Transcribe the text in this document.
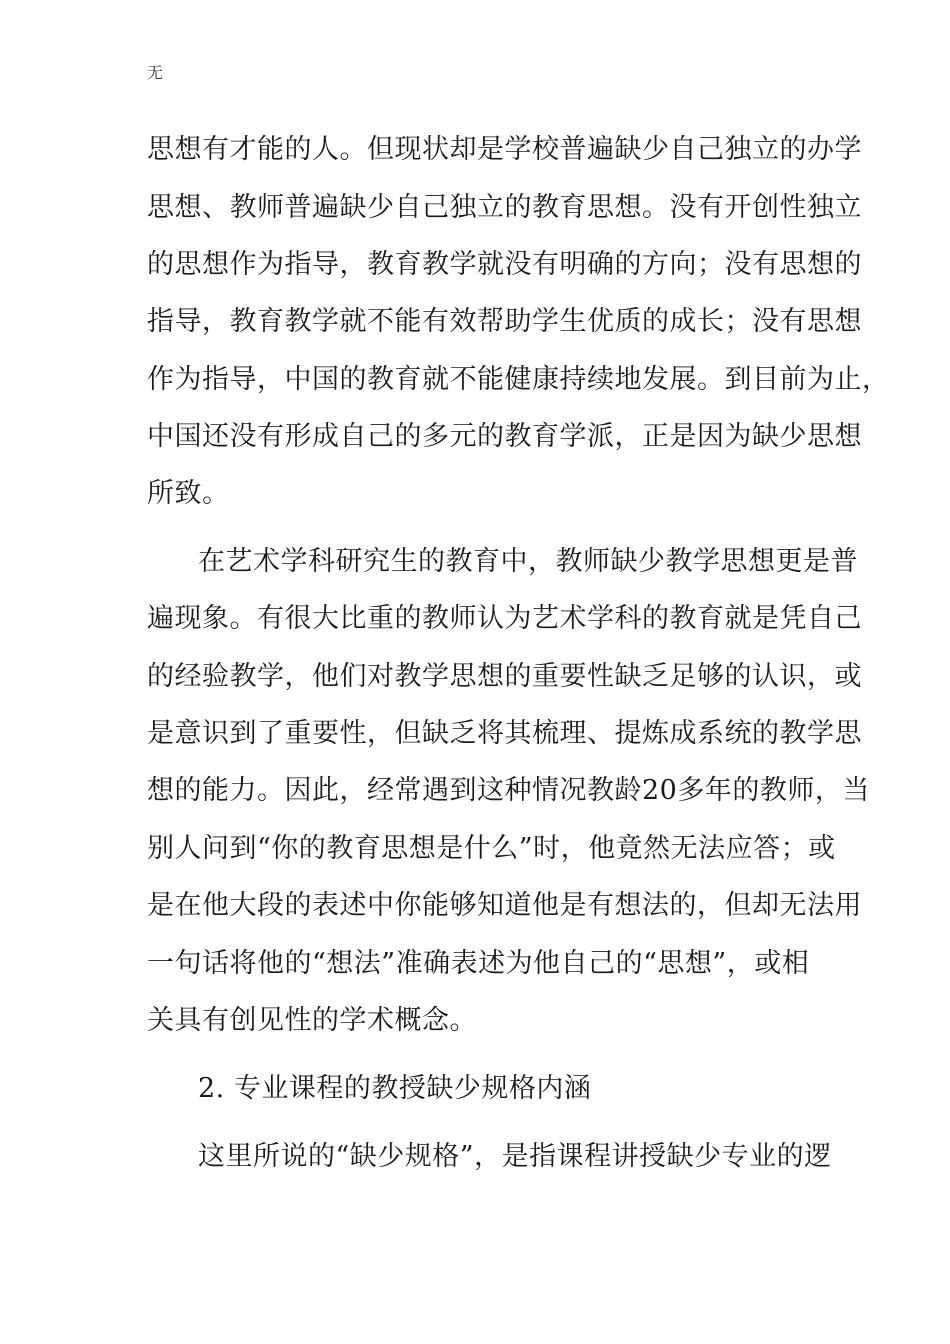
无
思想有才能的人。但现状却是学校普遍缺少自己独立的办学
思想、教师普遍缺少自己独立的教育思想。没有开创性独立
的思想作为指导，教育教学就没有明确的方向；没有思想的
指导，教育教学就不能有效帮助学生优质的成长；没有思想
作为指导，中国的教育就不能健康持续地发展。到目前为止，
中国还没有形成自己的多元的教育学派，正是因为缺少思想
所致。
在艺术学科研究生的教育中，教师缺少教学思想更是普
遍现象。有很大比重的教师认为艺术学科的教育就是凭自己
的经验教学，他们对教学思想的重要性缺乏足够的认识，或
是意识到了重要性，但缺乏将其梳理、提炼成系统的教学思
想的能力。因此，经常遇到这种情况教龄20多年的教师，当
别人问到“你的教育思想是什么”时，他竟然无法应答；或
是在他大段的表述中你能够知道他是有想法的，但却无法用
一句话将他的“想法”准确表述为他自己的“思想”，或相
关具有创见性的学术概念。
2. 专业课程的教授缺少规格内涵
这里所说的“缺少规格”，是指课程讲授缺少专业的逻
